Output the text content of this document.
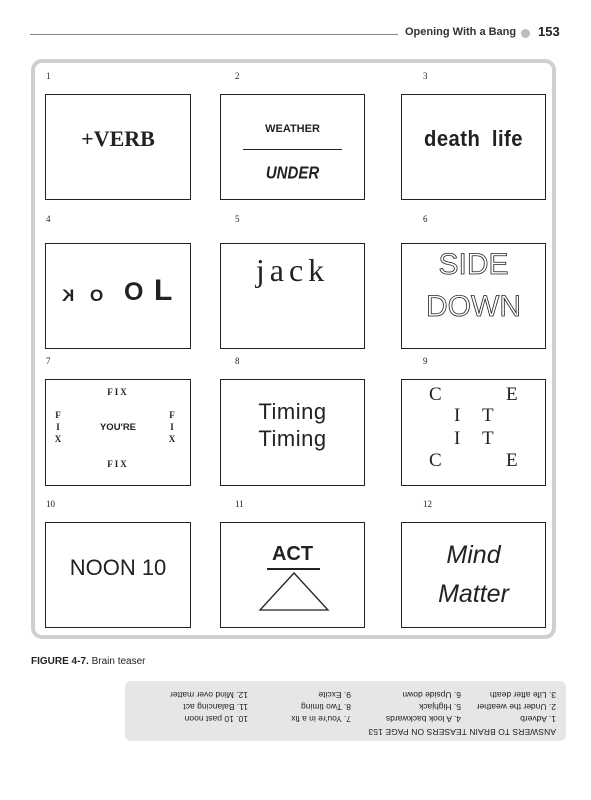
Opening With a Bang 153
1	2	3
4	5	6
7	8	9
10	11	12
+VERB	WEATHER
UNDER
death life
K O O L
jack	SIDE
DOWN
FIX
F
I
X
YOU'RE
F
I
X
FIX
Timing
Timing
C	E
I T
I T
C	E
NOON 10
ACT	Mind
Matter
FIGURE 4-7. Brain teaser
ANSWERS TO BRAIN TEASERS ON PAGE 153
1. Adverb
2. Under the weather
3. Life after death
4. A look backwards
5. Highjack
6. Upside down
7. You're in a fix
8. Two timing
9. Excite
10. 10 past noon
11. Balancing act
12. Mind over matter
